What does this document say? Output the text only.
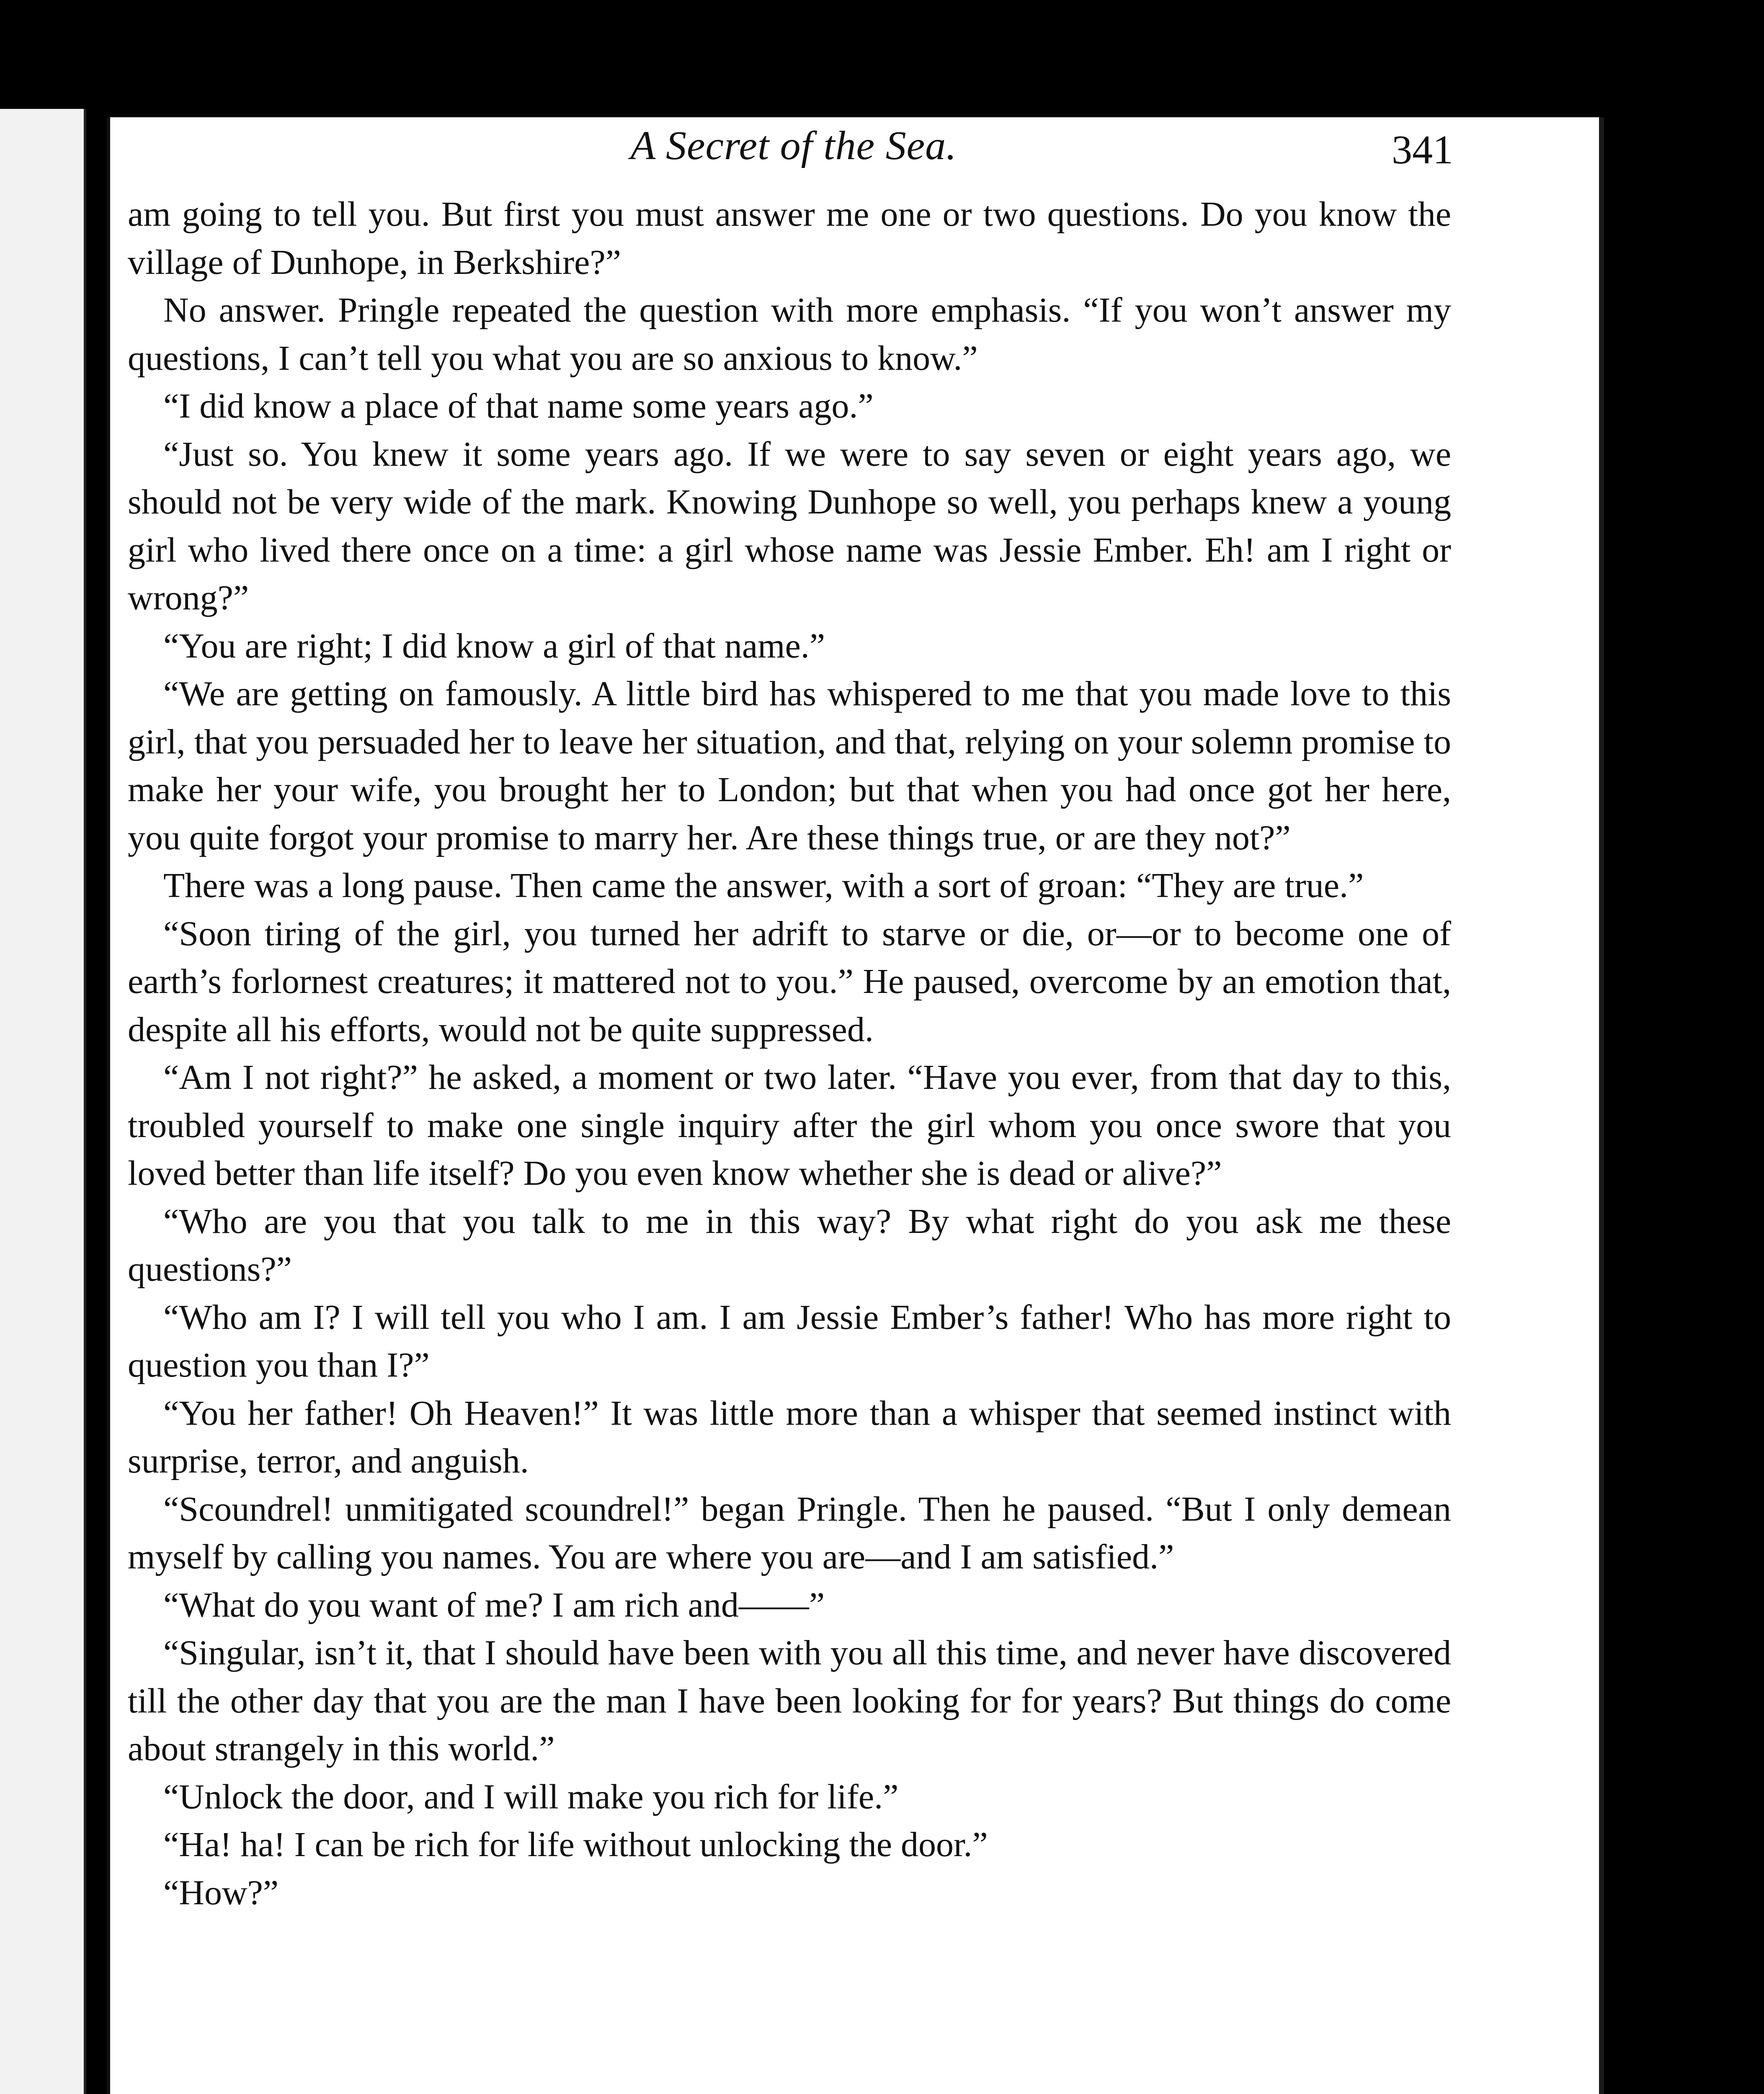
A Secret of the Sea.	341

am going to tell you. But first you must answer me one or two questions. Do you know the village of Dunhope, in Berkshire?”

No answer. Pringle repeated the question with more emphasis. “If you won’t answer my questions, I can’t tell you what you are so anxious to know.”

“I did know a place of that name some years ago.”

“Just so. You knew it some years ago. If we were to say seven or eight years ago, we should not be very wide of the mark. Knowing Dunhope so well, you perhaps knew a young girl who lived there once on a time: a girl whose name was Jessie Ember. Eh! am I right or wrong?”

“You are right; I did know a girl of that name.”

“We are getting on famously. A little bird has whispered to me that you made love to this girl, that you persuaded her to leave her situation, and that, relying on your solemn promise to make her your wife, you brought her to London; but that when you had once got her here, you quite forgot your promise to marry her. Are these things true, or are they not?”

There was a long pause. Then came the answer, with a sort of groan: “They are true.”

“Soon tiring of the girl, you turned her adrift to starve or die, or—or to become one of earth’s forlornest creatures; it mattered not to you.” He paused, overcome by an emotion that, despite all his efforts, would not be quite suppressed.

“Am I not right?” he asked, a moment or two later. “Have you ever, from that day to this, troubled yourself to make one single inquiry after the girl whom you once swore that you loved better than life itself? Do you even know whether she is dead or alive?”

“Who are you that you talk to me in this way? By what right do you ask me these questions?”

“Who am I? I will tell you who I am. I am Jessie Ember’s father! Who has more right to question you than I?”

“You her father! Oh Heaven!” It was little more than a whisper that seemed instinct with surprise, terror, and anguish.

“Scoundrel! unmitigated scoundrel!” began Pringle. Then he paused. “But I only demean myself by calling you names. You are where you are—and I am satisfied.”

“What do you want of me? I am rich and——”

“Singular, isn’t it, that I should have been with you all this time, and never have discovered till the other day that you are the man I have been looking for for years? But things do come about strangely in this world.”

“Unlock the door, and I will make you rich for life.”

“Ha! ha! I can be rich for life without unlocking the door.”

“How?”
